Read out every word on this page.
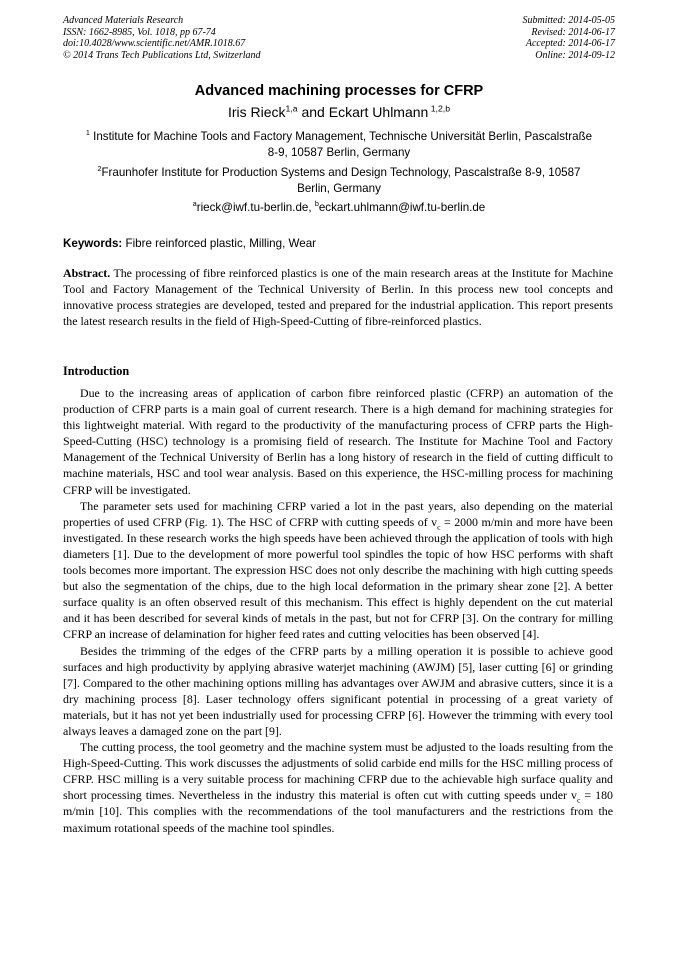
Advanced Materials Research
ISSN: 1662-8985, Vol. 1018, pp 67-74
doi:10.4028/www.scientific.net/AMR.1018.67
© 2014 Trans Tech Publications Ltd, Switzerland
Submitted: 2014-05-05
Revised: 2014-06-17
Accepted: 2014-06-17
Online: 2014-09-12
Advanced machining processes for CFRP
Iris Rieck$^{1,a}$ and Eckart Uhlmann $^{1,2,b}$
$^1$ Institute for Machine Tools and Factory Management, Technische Universität Berlin, Pascalstraße 8-9, 10587 Berlin, Germany
$^2$Fraunhofer Institute for Production Systems and Design Technology, Pascalstraße 8-9, 10587 Berlin, Germany
$^a$rieck@iwf.tu-berlin.de, $^b$eckart.uhlmann@iwf.tu-berlin.de
Keywords: Fibre reinforced plastic, Milling, Wear
Abstract. The processing of fibre reinforced plastics is one of the main research areas at the Institute for Machine Tool and Factory Management of the Technical University of Berlin. In this process new tool concepts and innovative process strategies are developed, tested and prepared for the industrial application. This report presents the latest research results in the field of High-Speed-Cutting of fibre-reinforced plastics.
Introduction

Due to the increasing areas of application of carbon fibre reinforced plastic (CFRP) an automation of the production of CFRP parts is a main goal of current research. There is a high demand for machining strategies for this lightweight material. With regard to the productivity of the manufacturing process of CFRP parts the High-Speed-Cutting (HSC) technology is a promising field of research. The Institute for Machine Tool and Factory Management of the Technical University of Berlin has a long history of research in the field of cutting difficult to machine materials, HSC and tool wear analysis. Based on this experience, the HSC-milling process for machining CFRP will be investigated.

The parameter sets used for machining CFRP varied a lot in the past years, also depending on the material properties of used CFRP (Fig. 1). The HSC of CFRP with cutting speeds of $v_c = 2000$ m/min and more have been investigated. In these research works the high speeds have been achieved through the application of tools with high diameters [1]. Due to the development of more powerful tool spindles the topic of how HSC performs with shaft tools becomes more important. The expression HSC does not only describe the machining with high cutting speeds but also the segmentation of the chips, due to the high local deformation in the primary shear zone [2]. A better surface quality is an often observed result of this mechanism. This effect is highly dependent on the cut material and it has been described for several kinds of metals in the past, but not for CFRP [3]. On the contrary for milling CFRP an increase of delamination for higher feed rates and cutting velocities has been observed [4].

Besides the trimming of the edges of the CFRP parts by a milling operation it is possible to achieve good surfaces and high productivity by applying abrasive waterjet machining (AWJM) [5], laser cutting [6] or grinding [7]. Compared to the other machining options milling has advantages over AWJM and abrasive cutters, since it is a dry machining process [8]. Laser technology offers significant potential in processing of a great variety of materials, but it has not yet been industrially used for processing CFRP [6]. However the trimming with every tool always leaves a damaged zone on the part [9].

The cutting process, the tool geometry and the machine system must be adjusted to the loads resulting from the High-Speed-Cutting. This work discusses the adjustments of solid carbide end mills for the HSC milling process of CFRP. HSC milling is a very suitable process for machining CFRP due to the achievable high surface quality and short processing times. Nevertheless in the industry this material is often cut with cutting speeds under $v_c = 180$ m/min [10]. This complies with the recommendations of the tool manufacturers and the restrictions from the maximum rotational speeds of the machine tool spindles.
